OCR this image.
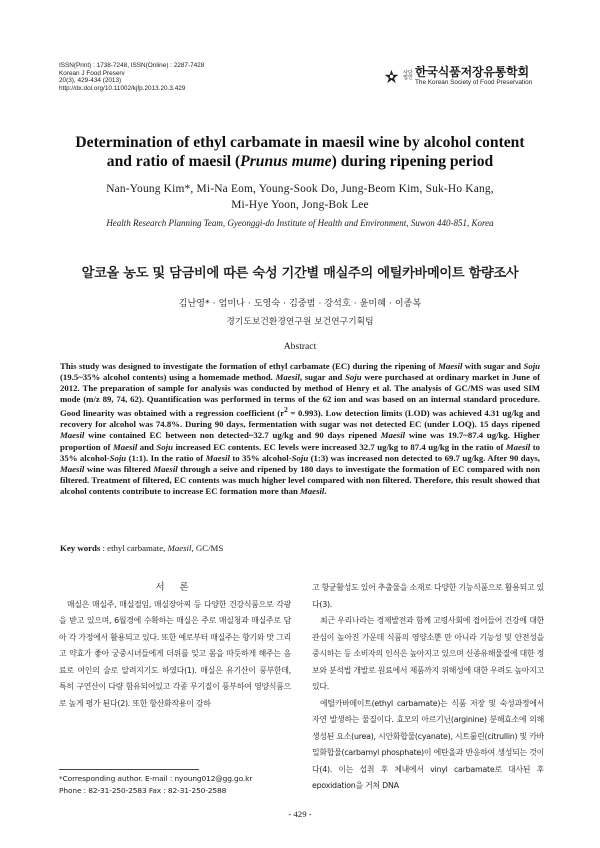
ISSN(Print) : 1738-7248, ISSN(Online) : 2287-7428
Korean J Food Preserv
20(3), 429-434 (2013)
http://dx.doi.org/10.11002/kjfp.2013.20.3.429
사단법인 한국식품저장유통학회
The Korean Society of Food Preservation
Determination of ethyl carbamate in maesil wine by alcohol content
and ratio of maesil (Prunus mume) during ripening period
Nan-Young Kim*, Mi-Na Eom, Young-Sook Do, Jung-Beom Kim, Suk-Ho Kang,
Mi-Hye Yoon, Jong-Bok Lee
Health Research Planning Team, Gyeonggi-do Institute of Health and Environment, Suwon 440-851, Korea
알코올 농도 및 담금비에 따른 숙성 기간별 매실주의 에틸카바메이트 함량조사
김난영* · 엄미나 · 도영숙 · 김중범 · 강석호 · 윤미혜 · 이종복
경기도보건환경연구원 보건연구기획팀
Abstract
This study was designed to investigate the formation of ethyl carbamate (EC) during the ripening of Maesil with sugar and Soju (19.5~35% alcohol contents) using a homemade method. Maesil, sugar and Soju were purchased at ordinary market in June of 2012. The preparation of sample for analysis was conducted by method of Henry et al. The analysis of GC/MS was used SIM mode (m/z 89, 74, 62). Quantification was performed in terms of the 62 ion and was based on an internal standard procedure. Good linearity was obtained with a regression coefficient $(r^2 = 0.993)$. Low detection limits (LOD) was achieved 4.31 ug/kg and recovery for alcohol was 74.8%. During 90 days, fermentation with sugar was not detected EC (under LOQ). 15 days ripened Maesil wine contained EC between non detected~32.7 ug/kg and 90 days ripened Maesil wine was 19.7~87.4 ug/kg. Higher proportion of Maesil and Soju increased EC contents. EC levels were increased 32.7 ug/kg to 87.4 ug/kg in the ratio of Maesil to 35% alcohol-Soju (1:1). In the ratio of Maesil to 35% alcohol-Soju (1:3) was increased non detected to 69.7 ug/kg. After 90 days, Maesil wine was filtered Maesil through a seive and ripened by 180 days to investigate the formation of EC compared with non filtered. Treatment of filtered, EC contents was much higher level compared with non filtered. Therefore, this result showed that alcohol contents contribute to increase EC formation more than Maesil.
Key words : ethyl carbamate, Maesil, GC/MS

서 론

매실은 매실주, 매실절임, 매실장아찌 등 다양한 건강식품으로 각광을 받고 있으며, 6월경에 수확하는 매실은 주로 매실청과 매실주로 담아 각 가정에서 활용되고 있다. 또한 예로부터 매실주는 향기와 맛 그리고 약효가 좋아 궁중시녀들에게 더위를 잊고 몸을 따듯하게 해주는 음료로 여인의 술로 알려지기도 하였다(1). 매실은 유기산이 풍부한데, 특히 구연산이 다량 함유되어있고 각종 무기질이 풍부하여 영양식품으로 높게 평가 된다(2). 또한 항산화작용이 강하

고 항균활성도 있어 추출물을 소재로 다양한 기능식품으로 활용되고 있다(3).

최근 우리나라는 경제발전과 함께 고령사회에 접어들어 건강에 대한 관심이 높아진 가운데 식품의 영양소뿐 만 아니라 기능성 및 안전성을 중시하는 등 소비자의 인식은 높아지고 있으며 신종유해물질에 대한 정보와 분석법 개발로 원료에서 제품까지 위해성에 대한 우려도 높아지고 있다.

에틸카바메이트(ethyl carbamate)는 식품 저장 및 숙성과정에서 자연 발생하는 물질이다. 효모의 아르기닌(arginine) 분해효소에 의해 생성된 요소(urea), 시안화합물(cyanate), 시트룰린(citrullin) 및 카바밀화합물(carbamyl phosphate)이 에탄올과 반응하여 생성되는 것이다(4). 이는 섭취 후 체내에서 vinyl carbamate로 대사된 후 epoxidation을 거쳐 DNA

*Corresponding author. E-mail : nyoung012@gg.go.kr
Phone : 82-31-250-2583 Fax : 82-31-250-2588
- 429 -
